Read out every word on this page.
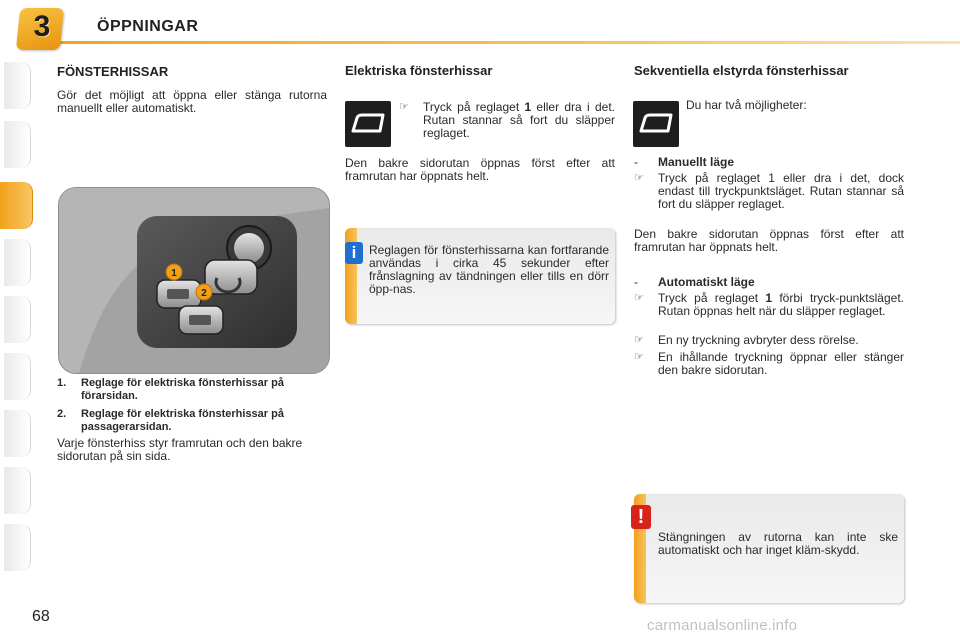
3	ÖPPNINGAR
FÖNSTERHISSAR
Gör det möjligt att öppna eller stänga rutorna manuellt eller automatiskt.
1
2
1. Reglage för elektriska fönsterhissar på förarsidan.
2. Reglage för elektriska fönsterhissar på passagerarsidan.
Varje fönsterhiss styr framrutan och den bakre sidorutan på sin sida.
Elektriska fönsterhissar
☞ Tryck på reglaget 1 eller dra i det. Rutan stannar så fort du släpper reglaget.
Den bakre sidorutan öppnas först efter att framrutan har öppnats helt.
i	Reglagen för fönsterhissarna kan fortfarande användas i cirka 45 sekunder efter frånslagning av tändningen eller tills en dörr öpp-nas.
Sekventiella elstyrda fönsterhissar
Du har två möjligheter:
- Manuellt läge
☞ Tryck på reglaget 1 eller dra i det, dock endast till tryckpunktsläget. Rutan stannar så fort du släpper reglaget.
Den bakre sidorutan öppnas först efter att framrutan har öppnats helt.
- Automatiskt läge
☞ Tryck på reglaget 1 förbi tryck-punktsläget. Rutan öppnas helt när du släpper reglaget.
☞ En ny tryckning avbryter dess rörelse.
☞ En ihållande tryckning öppnar eller stänger den bakre sidorutan.
!
Stängningen av rutorna kan inte ske automatiskt och har inget kläm-skydd.
68
carmanualsonline.info
